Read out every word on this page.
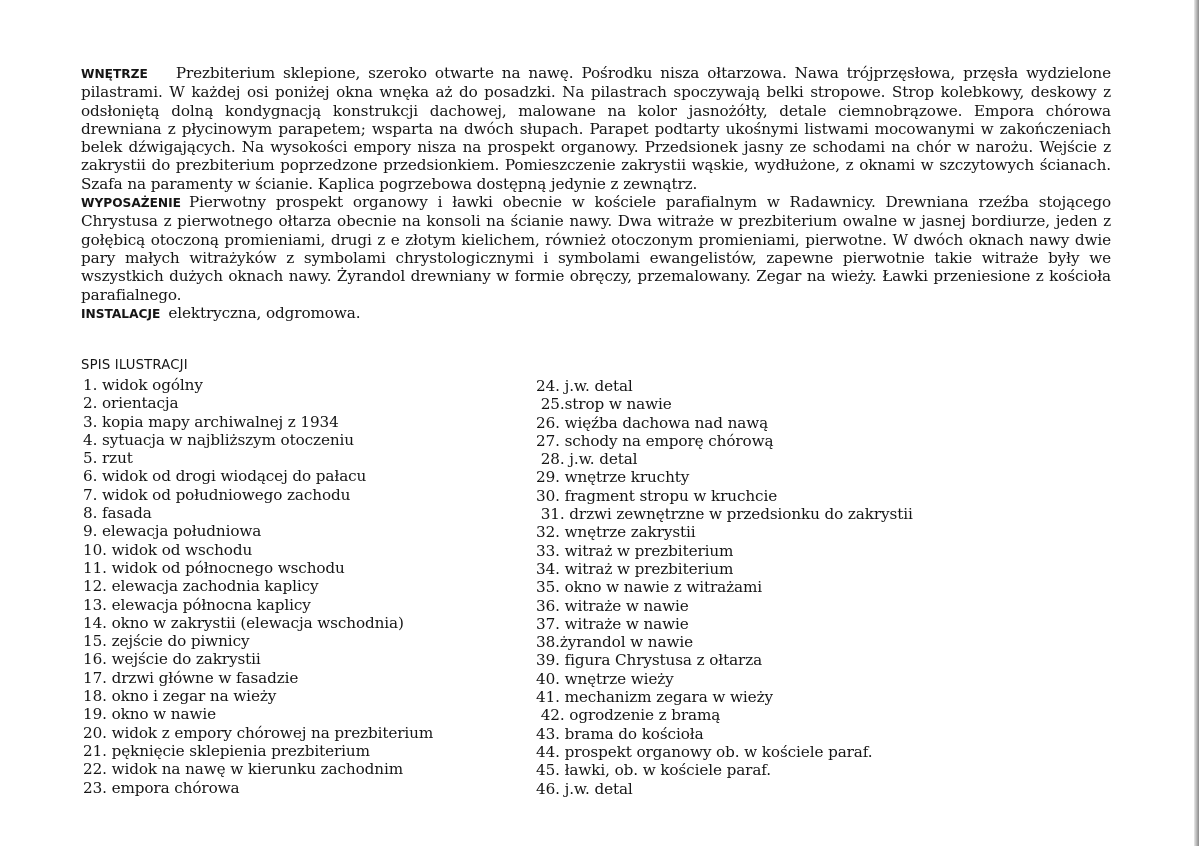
WNĘTRZE Prezbiterium sklepione, szeroko otwarte na nawę. Pośrodku nisza ołtarzowa. Nawa trójprzęsłowa, przęsła wydzielone pilastrami. W każdej osi poniżej okna wnęka aż do posadzki. Na pilastrach spoczywają belki stropowe. Strop kolebkowy, deskowy z odsłoniętą dolną kondygnacją konstrukcji dachowej, malowane na kolor jasnożółty, detale ciemnobrązowe. Empora chórowa drewniana z płycinowym parapetem; wsparta na dwóch słupach. Parapet podtarty ukośnymi listwami mocowanymi w zakończeniach belek dźwigających. Na wysokości empory nisza na prospekt organowy. Przedsionek jasny ze schodami na chór w narożu. Wejście z zakrystii do prezbiterium poprzedzone przedsionkiem. Pomieszczenie zakrystii wąskie, wydłużone, z oknami w szczytowych ścianach. Szafa na paramenty w ścianie. Kaplica pogrzebowa dostępną jedynie z zewnątrz.

WYPOSAŻENIE Pierwotny prospekt organowy i ławki obecnie w kościele parafialnym w Radawnicy. Drewniana rzeźba stojącego Chrystusa z pierwotnego ołtarza obecnie na konsoli na ścianie nawy. Dwa witraże w prezbiterium owalne w jasnej bordiurze, jeden z gołębicą otoczoną promieniami, drugi z e złotym kielichem, również otoczonym promieniami, pierwotne. W dwóch oknach nawy dwie pary małych witrażyków z symbolami chrystologicznymi i symbolami ewangelistów, zapewne pierwotnie takie witraże były we wszystkich dużych oknach nawy. Żyrandol drewniany w formie obręczy, przemalowany. Zegar na wieży. Ławki przeniesione z kościoła parafialnego.

INSTALACJE elektryczna, odgromowa.

SPIS ILUSTRACJI
1. widok ogólny
2. orientacja
3. kopia mapy archiwalnej z 1934
4. sytuacja w najbliższym otoczeniu
5. rzut
6. widok od drogi wiodącej do pałacu
7. widok od południowego zachodu
8. fasada
9. elewacja południowa
10. widok od wschodu
11. widok od północnego wschodu
12. elewacja zachodnia kaplicy
13. elewacja północna kaplicy
14. okno w zakrystii (elewacja wschodnia)
15. zejście do piwnicy
16. wejście do zakrystii
17. drzwi główne w fasadzie
18. okno i zegar na wieży
19. okno w nawie
20. widok z empory chórowej na prezbiterium
21. pęknięcie sklepienia prezbiterium
22. widok na nawę w kierunku zachodnim
23. empora chórowa
24. j.w. detal
25.strop w nawie
26. więźba dachowa nad nawą
27. schody na emporę chórową
28. j.w. detal
29. wnętrze kruchty
30. fragment stropu w kruchcie
31. drzwi zewnętrzne w przedsionku do zakrystii
32. wnętrze zakrystii
33. witraż w prezbiterium
34. witraż w prezbiterium
35. okno w nawie z witrażami
36. witraże w nawie
37. witraże w nawie
38.żyrandol w nawie
39. figura Chrystusa z ołtarza
40. wnętrze wieży
41. mechanizm zegara w wieży
42. ogrodzenie z bramą
43. brama do kościoła
44. prospekt organowy ob. w kościele paraf.
45. ławki, ob. w kościele paraf.
46. j.w. detal
